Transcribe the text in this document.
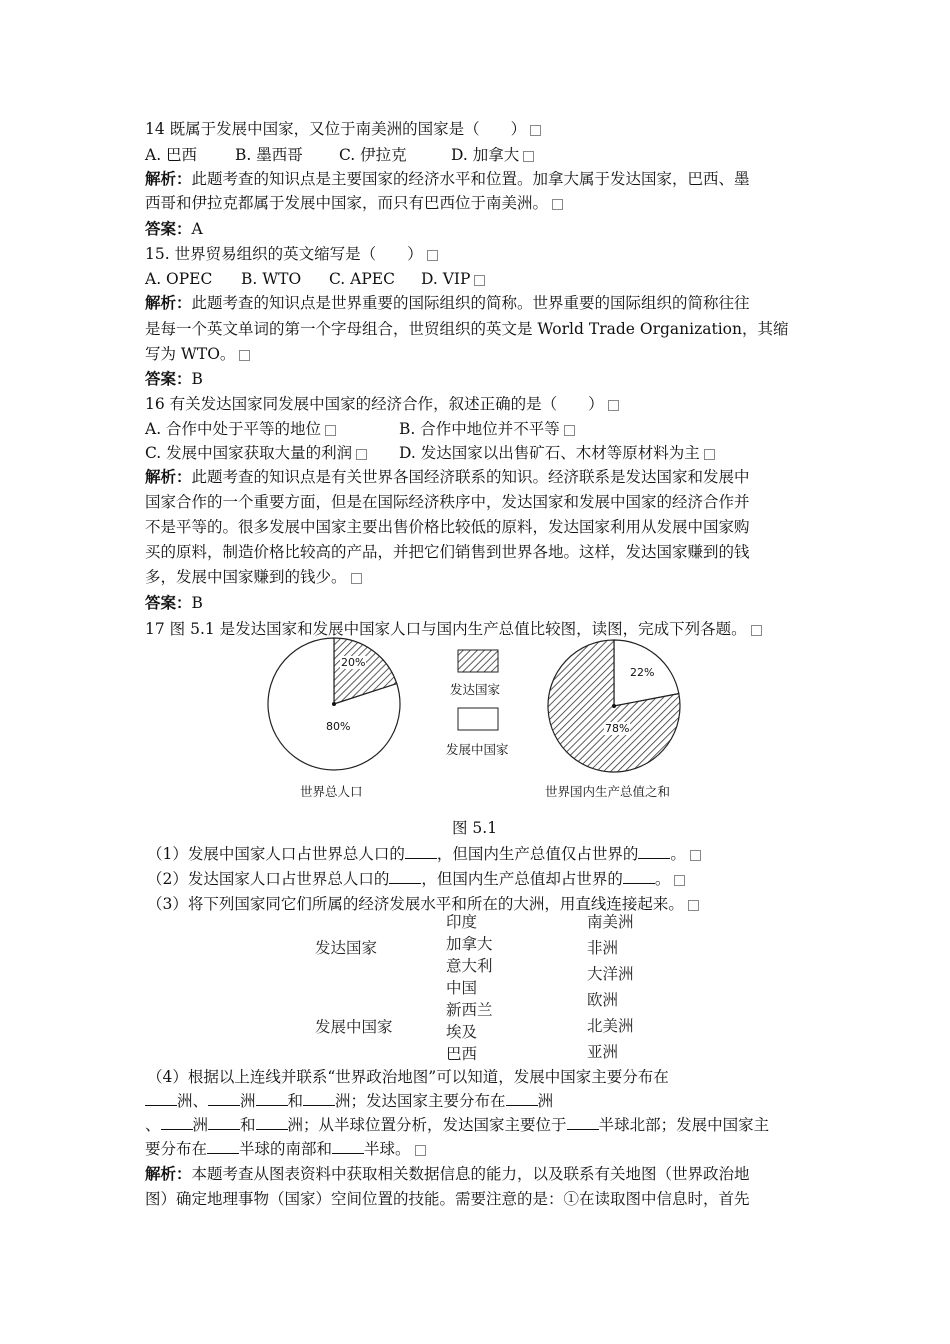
14 既属于发展中国家，又位于南美洲的国家是（　　）
A. 巴西 B. 墨西哥 C. 伊拉克	D. 加拿大
解析：此题考查的知识点是主要国家的经济水平和位置。加拿大属于发达国家，巴西、墨
西哥和伊拉克都属于发展中国家，而只有巴西位于南美洲。
答案：A
15. 世界贸易组织的英文缩写是（　　）
A. OPEC B. WTO C. APEC D. VIP
解析：此题考查的知识点是世界重要的国际组织的简称。世界重要的国际组织的简称往往
是每一个英文单词的第一个字母组合，世贸组织的英文是 World Trade Organization，其缩
写为 WTO。
答案：B
16 有关发达国家同发展中国家的经济合作，叙述正确的是（　　）
A. 合作中处于平等的地位	B. 合作中地位并不平等
C. 发展中国家获取大量的利润	D. 发达国家以出售矿石、木材等原材料为主
解析：此题考查的知识点是有关世界各国经济联系的知识。经济联系是发达国家和发展中
国家合作的一个重要方面，但是在国际经济秩序中，发达国家和发展中国家的经济合作并
不是平等的。很多发展中国家主要出售价格比较低的原料，发达国家利用从发展中国家购
买的原料，制造价格比较高的产品，并把它们销售到世界各地。这样，发达国家赚到的钱
多，发展中国家赚到的钱少。
答案：B
17 图 5.1 是发达国家和发展中国家人口与国内生产总值比较图，读图，完成下列各题。
20%
80%
22%
78%
发达国家
发展中国家
世界总人口	世界国内生产总值之和
图 5.1
（1）发展中国家人口占世界总人口的 ，但国内生产总值仅占世界的 。
（2）发达国家人口占世界总人口的 ，但国内生产总值却占世界的 。
（3）将下列国家同它们所属的经济发展水平和所在的大洲，用直线连接起来。
发达国家
发展中国家
印度
加拿大
意大利
中国
新西兰
埃及
巴西
南美洲
非洲
大洋洲
欧洲
北美洲
亚洲
（4）根据以上连线并联系“世界政治地图”可以知道，发展中国家主要分布在
洲、 洲 和 洲；发达国家主要分布在 洲
、 洲 和 洲；从半球位置分析，发达国家主要位于 半球北部；发展中国家主
要分布在 半球的南部和 半球。
解析：本题考查从图表资料中获取相关数据信息的能力，以及联系有关地图（世界政治地
图）确定地理事物（国家）空间位置的技能。需要注意的是：①在读取图中信息时，首先
